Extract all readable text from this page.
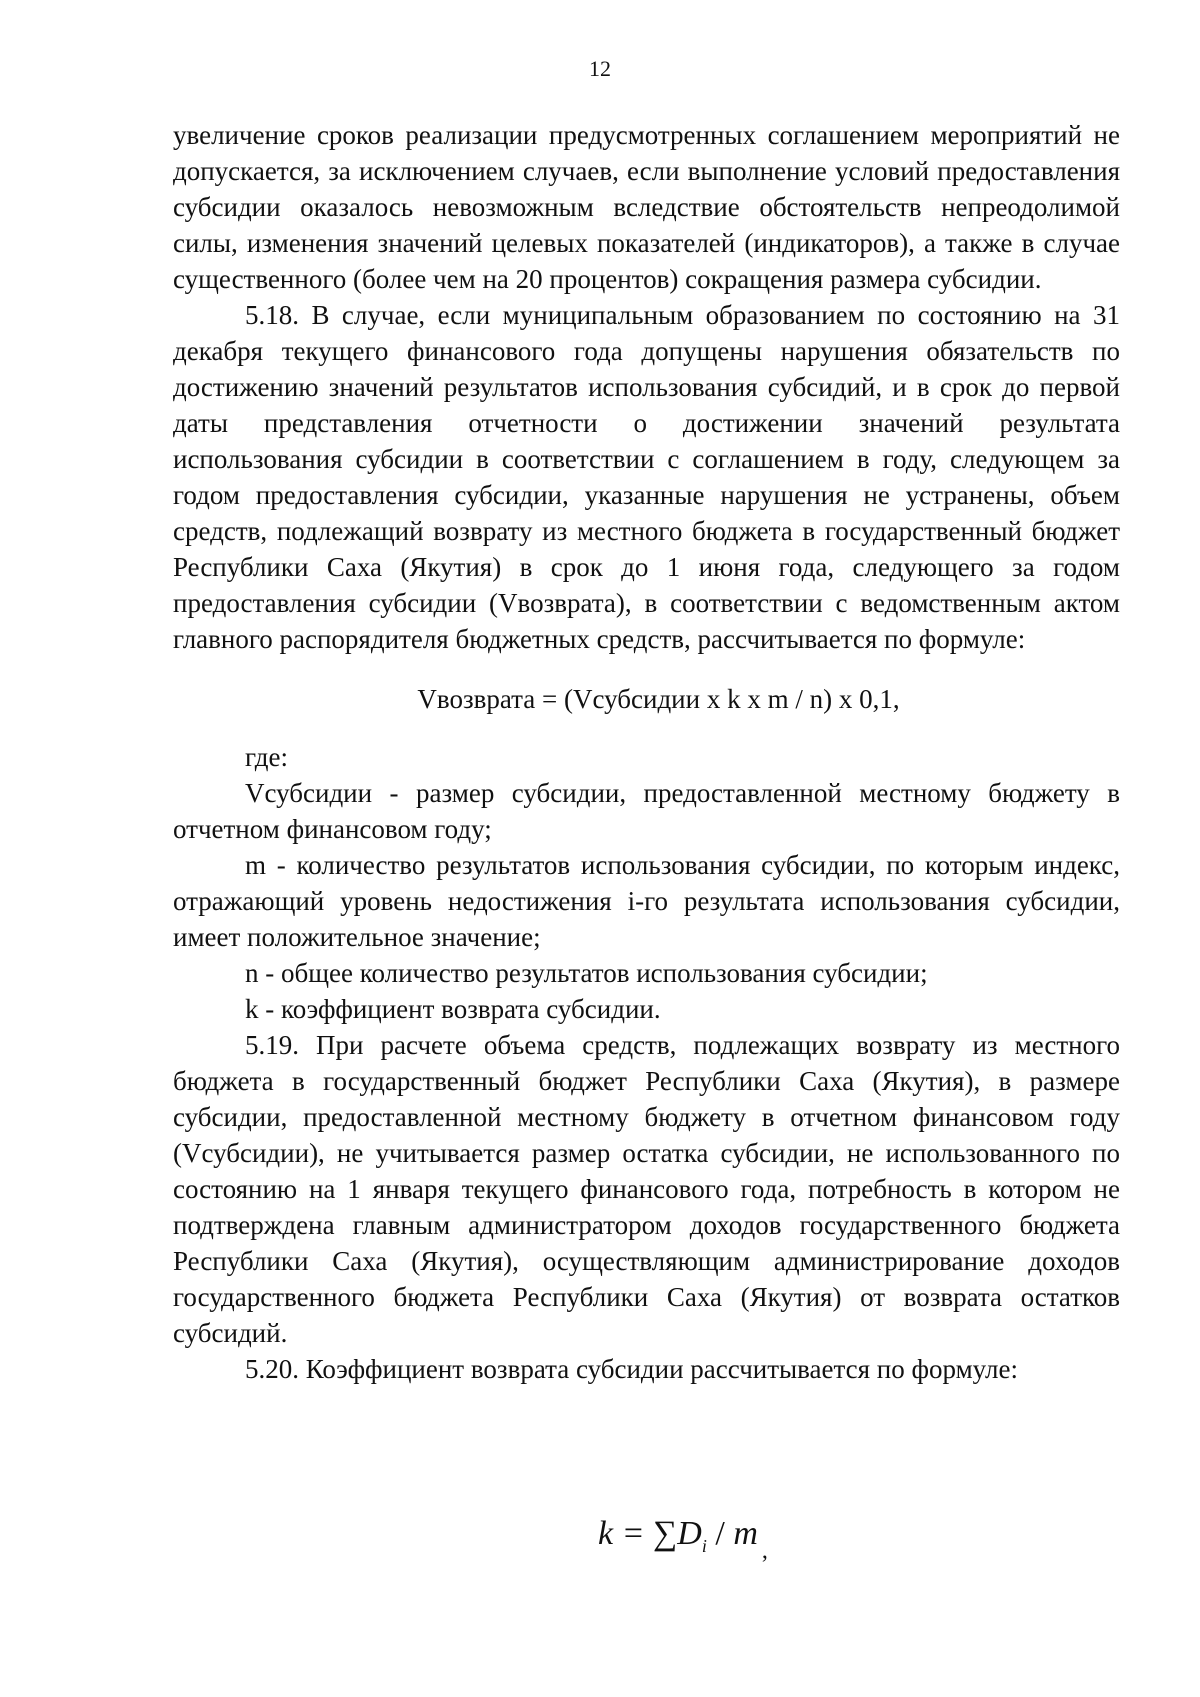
12

увеличение сроков реализации предусмотренных соглашением мероприятий не допускается, за исключением случаев, если выполнение условий предоставления субсидии оказалось невозможным вследствие обстоятельств непреодолимой силы, изменения значений целевых показателей (индикаторов), а также в случае существенного (более чем на 20 процентов) сокращения размера субсидии.

5.18. В случае, если муниципальным образованием по состоянию на 31 декабря текущего финансового года допущены нарушения обязательств по достижению значений результатов использования субсидий, и в срок до первой даты представления отчетности о достижении значений результата использования субсидии в соответствии с соглашением в году, следующем за годом предоставления субсидии, указанные нарушения не устранены, объем средств, подлежащий возврату из местного бюджета в государственный бюджет Республики Саха (Якутия) в срок до 1 июня года, следующего за годом предоставления субсидии (Vвозврата), в соответствии с ведомственным актом главного распорядителя бюджетных средств, рассчитывается по формуле:

Vвозврата = (Vсубсидии x k x m / n) x 0,1,

где:

Vсубсидии - размер субсидии, предоставленной местному бюджету в отчетном финансовом году;

m - количество результатов использования субсидии, по которым индекс, отражающий уровень недостижения i-го результата использования субсидии, имеет положительное значение;

n - общее количество результатов использования субсидии;

k - коэффициент возврата субсидии.

5.19. При расчете объема средств, подлежащих возврату из местного бюджета в государственный бюджет Республики Саха (Якутия), в размере субсидии, предоставленной местному бюджету в отчетном финансовом году (Vсубсидии), не учитывается размер остатка субсидии, не использованного по состоянию на 1 января текущего финансового года, потребность в котором не подтверждена главным администратором доходов государственного бюджета Республики Саха (Якутия), осуществляющим администрирование доходов государственного бюджета Республики Саха (Якутия) от возврата остатков субсидий.

5.20. Коэффициент возврата субсидии рассчитывается по формуле:

$k = \sum D_i / m$ $_,$
